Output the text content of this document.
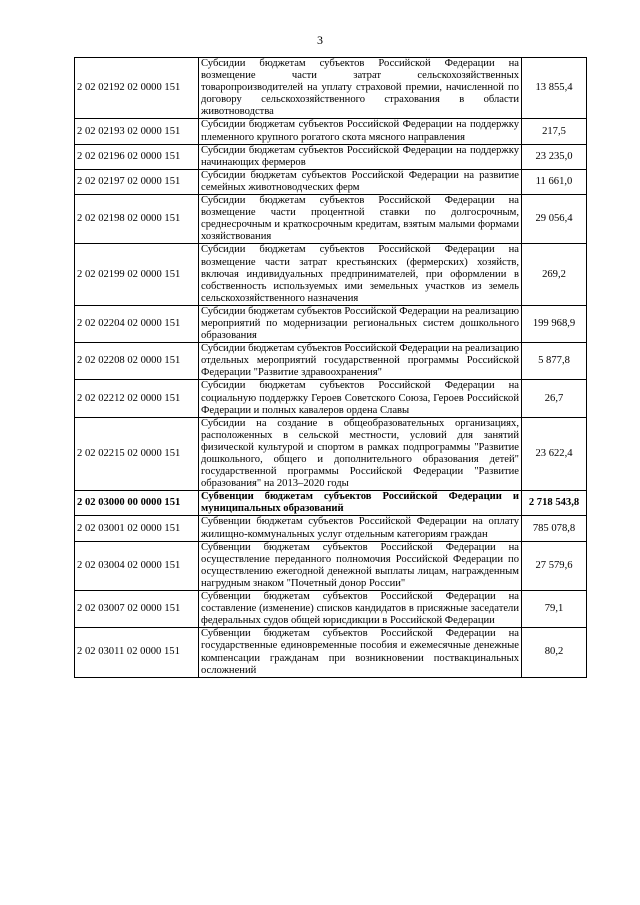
3
2 02 02192 02 0000 151	Субсидии бюджетам субъектов Российской Федерации на возмещение части затрат сельскохозяйственных товаропроизводителей на уплату страховой премии, начисленной по договору сельскохозяйственного страхования в области животноводства	13 855,4
2 02 02193 02 0000 151	Субсидии бюджетам субъектов Российской Федерации на поддержку племенного крупного рогатого скота мясного направления	217,5
2 02 02196 02 0000 151	Субсидии бюджетам субъектов Российской Федерации на поддержку начинающих фермеров	23 235,0
2 02 02197 02 0000 151	Субсидии бюджетам субъектов Российской Федерации на развитие семейных животноводческих ферм	11 661,0
2 02 02198 02 0000 151	Субсидии бюджетам субъектов Российской Федерации на возмещение части процентной ставки по долгосрочным, среднесрочным и краткосрочным кредитам, взятым малыми формами хозяйствования	29 056,4
2 02 02199 02 0000 151	Субсидии бюджетам субъектов Российской Федерации на возмещение части затрат крестьянских (фермерских) хозяйств, включая индивидуальных предпринимателей, при оформлении в собственность используемых ими земельных участков из земель сельскохозяйственного назначения	269,2
2 02 02204 02 0000 151	Субсидии бюджетам субъектов Российской Федерации на реализацию мероприятий по модернизации региональных систем дошкольного образования	199 968,9
2 02 02208 02 0000 151	Субсидии бюджетам субъектов Российской Федерации на реализацию отдельных мероприятий государственной программы Российской Федерации "Развитие здравоохранения"	5 877,8
2 02 02212 02 0000 151	Субсидии бюджетам субъектов Российской Федерации на социальную поддержку Героев Советского Союза, Героев Российской Федерации и полных кавалеров ордена Славы	26,7
2 02 02215 02 0000 151	Субсидии на создание в общеобразовательных организациях, расположенных в сельской местности, условий для занятий физической культурой и спортом в рамках подпрограммы "Развитие дошкольного, общего и дополнительного образования детей" государственной программы Российской Федерации "Развитие образования" на 2013–2020 годы	23 622,4
2 02 03000 00 0000 151	Субвенции бюджетам субъектов Российской Федерации и муниципальных образований	2 718 543,8
2 02 03001 02 0000 151	Субвенции бюджетам субъектов Российской Федерации на оплату жилищно-коммунальных услуг отдельным категориям граждан	785 078,8
2 02 03004 02 0000 151	Субвенции бюджетам субъектов Российской Федерации на осуществление переданного полномочия Российской Федерации по осуществлению ежегодной денежной выплаты лицам, награжденным нагрудным знаком "Почетный донор России"	27 579,6
2 02 03007 02 0000 151	Субвенции бюджетам субъектов Российской Федерации на составление (изменение) списков кандидатов в присяжные заседатели федеральных судов общей юрисдикции в Российской Федерации	79,1
2 02 03011 02 0000 151	Субвенции бюджетам субъектов Российской Федерации на государственные единовременные пособия и ежемесячные денежные компенсации гражданам при возникновении поствакцинальных осложнений	80,2
